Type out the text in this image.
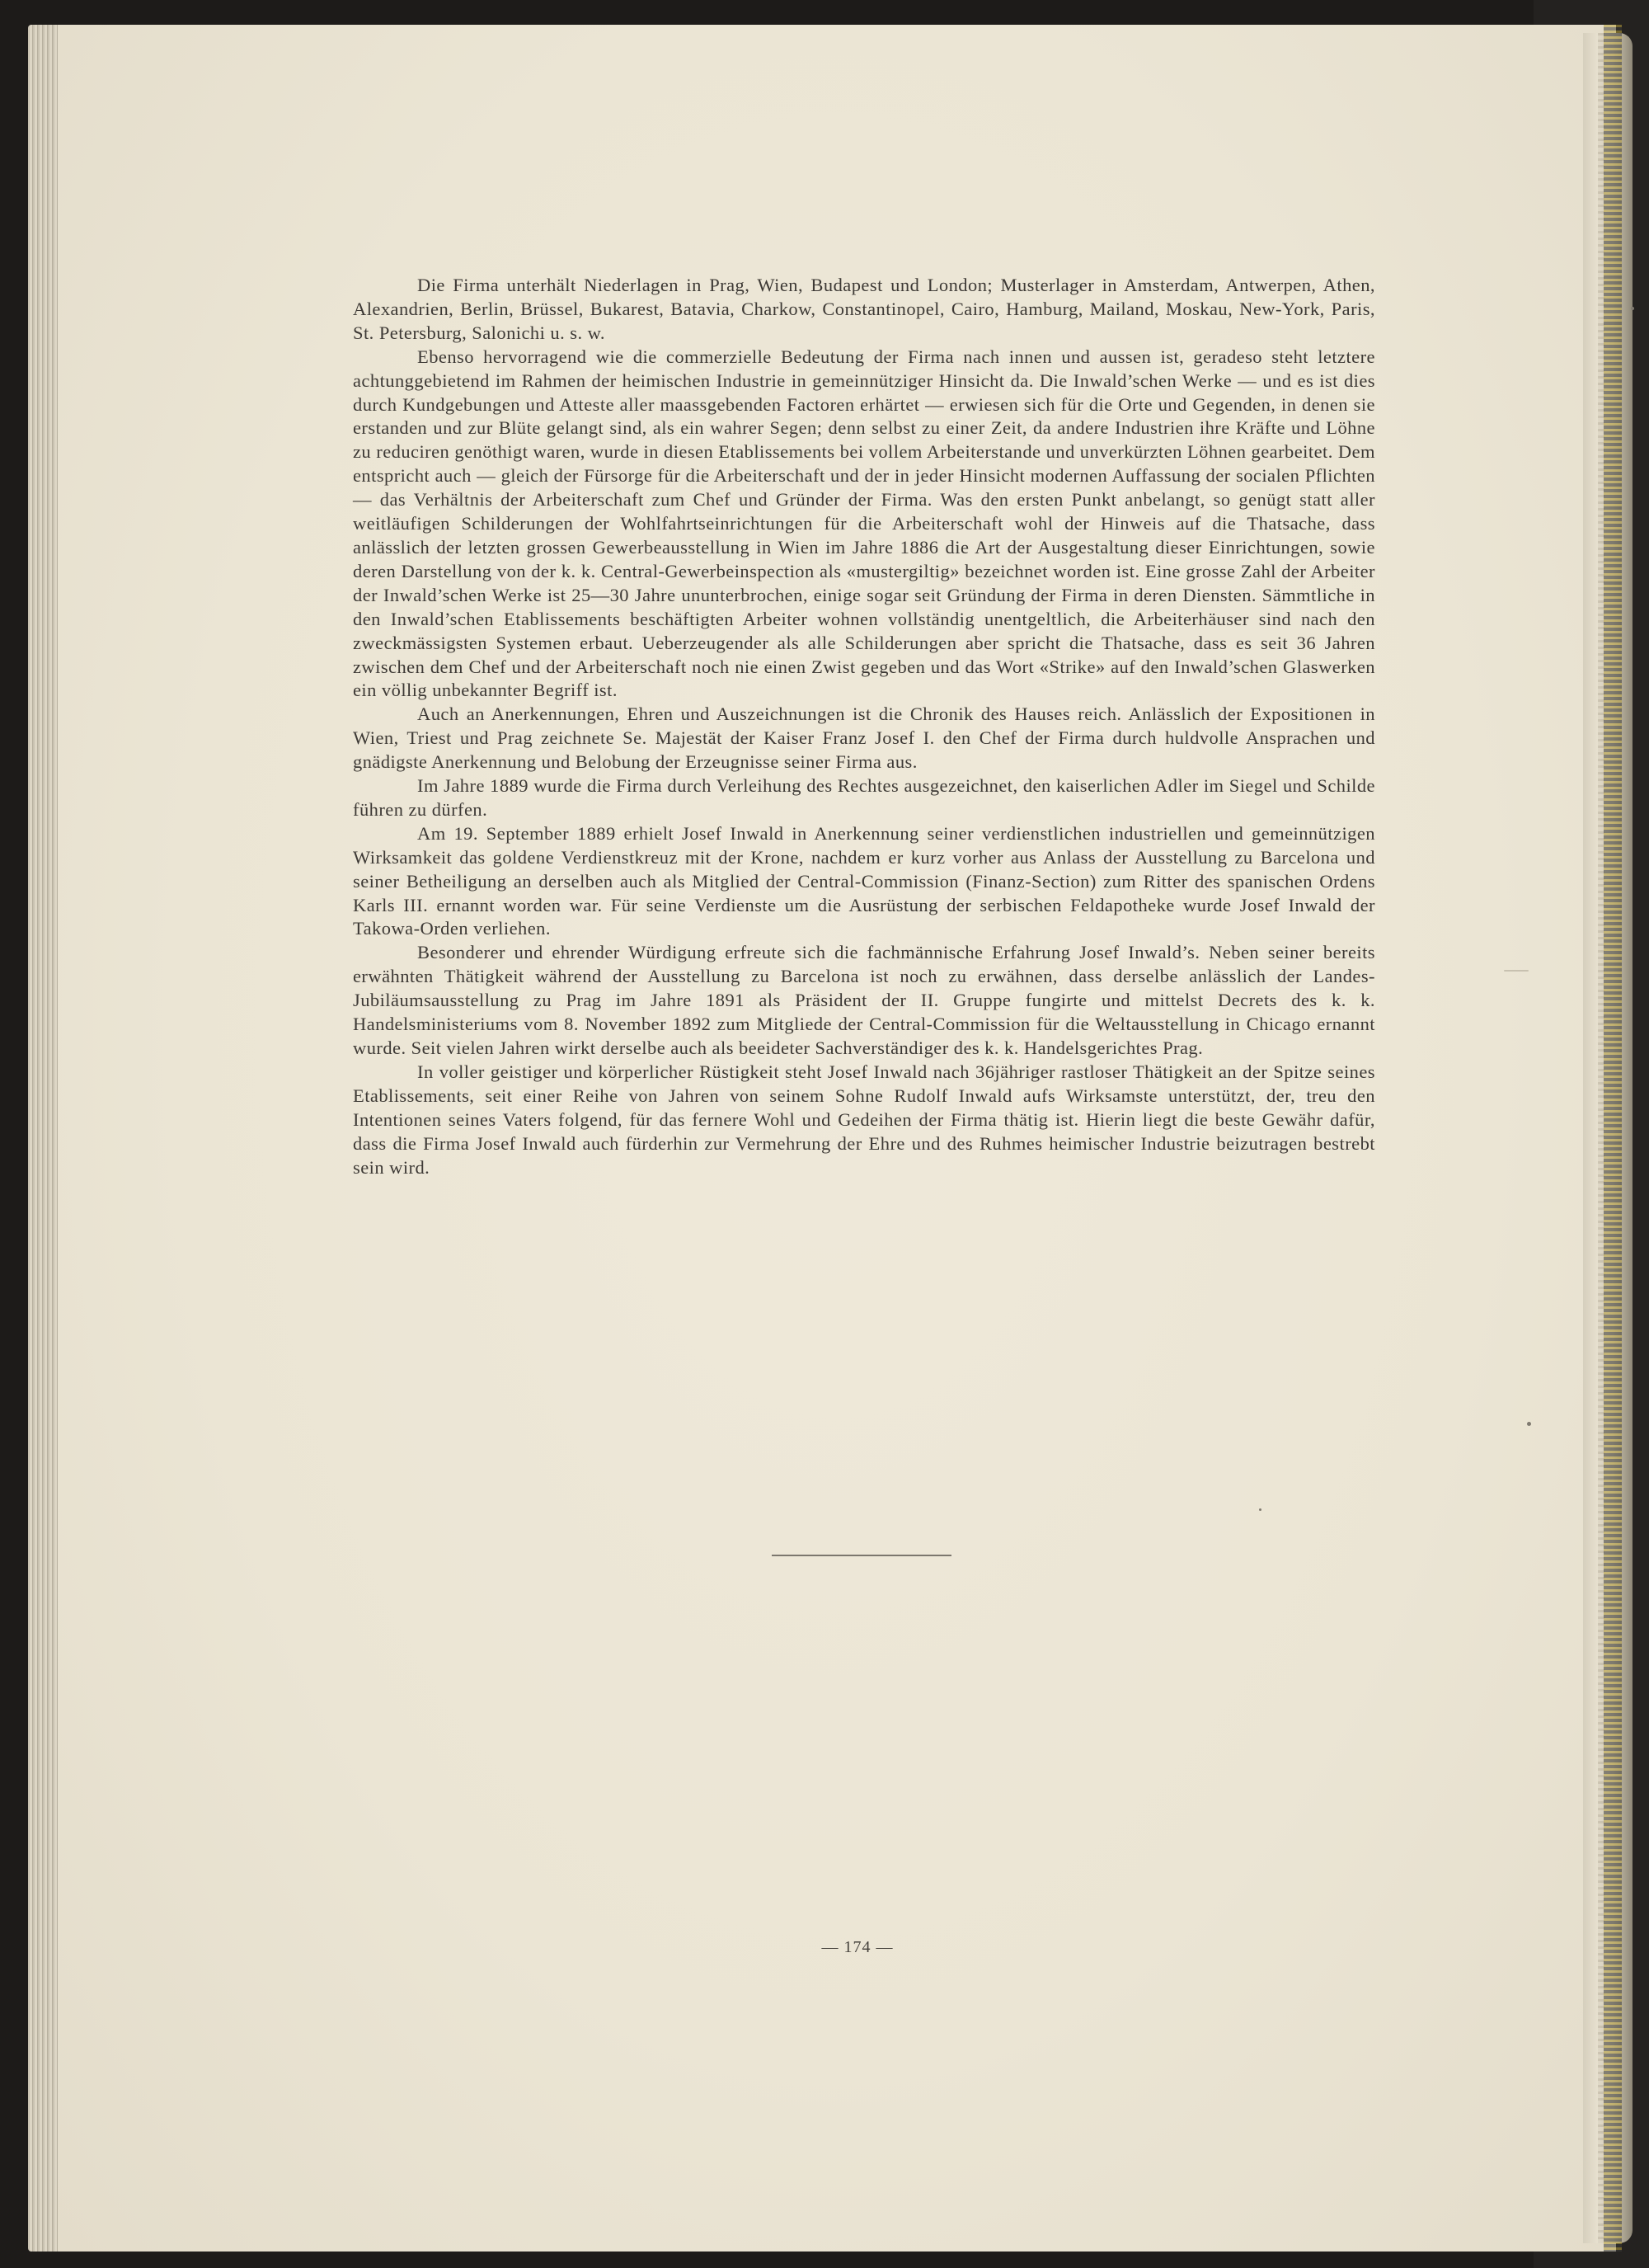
Die Firma unterhält Niederlagen in Prag, Wien, Budapest und London; Musterlager in Amsterdam, Antwerpen, Athen, Alexandrien, Berlin, Brüssel, Bukarest, Batavia, Charkow, Constantinopel, Cairo, Hamburg, Mailand, Moskau, New-York, Paris, St. Petersburg, Salonichi u. s. w.

Ebenso hervorragend wie die commerzielle Bedeutung der Firma nach innen und aussen ist, geradeso steht letztere achtunggebietend im Rahmen der heimischen Industrie in gemeinnütziger Hinsicht da. Die Inwald’schen Werke — und es ist dies durch Kundgebungen und Atteste aller maassgebenden Factoren erhärtet — erwiesen sich für die Orte und Gegenden, in denen sie erstanden und zur Blüte gelangt sind, als ein wahrer Segen; denn selbst zu einer Zeit, da andere Industrien ihre Kräfte und Löhne zu reduciren genöthigt waren, wurde in diesen Etablissements bei vollem Arbeiterstande und unverkürzten Löhnen gearbeitet. Dem entspricht auch — gleich der Fürsorge für die Arbeiterschaft und der in jeder Hinsicht modernen Auffassung der socialen Pflichten — das Verhältnis der Arbeiterschaft zum Chef und Gründer der Firma. Was den ersten Punkt anbelangt, so genügt statt aller weitläufigen Schilderungen der Wohlfahrtseinrichtungen für die Arbeiterschaft wohl der Hinweis auf die Thatsache, dass anlässlich der letzten grossen Gewerbeausstellung in Wien im Jahre 1886 die Art der Ausgestaltung dieser Einrichtungen, sowie deren Darstellung von der k. k. Central-Gewerbeinspection als «mustergiltig» bezeichnet worden ist. Eine grosse Zahl der Arbeiter der Inwald’schen Werke ist 25—30 Jahre ununterbrochen, einige sogar seit Gründung der Firma in deren Diensten. Sämmtliche in den Inwald’schen Etablissements beschäftigten Arbeiter wohnen vollständig unentgeltlich, die Arbeiterhäuser sind nach den zweckmässigsten Systemen erbaut. Ueberzeugender als alle Schilderungen aber spricht die Thatsache, dass es seit 36 Jahren zwischen dem Chef und der Arbeiterschaft noch nie einen Zwist gegeben und das Wort «Strike» auf den Inwald’schen Glaswerken ein völlig unbekannter Begriff ist.

Auch an Anerkennungen, Ehren und Auszeichnungen ist die Chronik des Hauses reich. Anlässlich der Expositionen in Wien, Triest und Prag zeichnete Se. Majestät der Kaiser Franz Josef I. den Chef der Firma durch huldvolle Ansprachen und gnädigste Anerkennung und Belobung der Erzeugnisse seiner Firma aus.

Im Jahre 1889 wurde die Firma durch Verleihung des Rechtes ausgezeichnet, den kaiserlichen Adler im Siegel und Schilde führen zu dürfen.

Am 19. September 1889 erhielt Josef Inwald in Anerkennung seiner verdienstlichen industriellen und gemeinnützigen Wirksamkeit das goldene Verdienstkreuz mit der Krone, nachdem er kurz vorher aus Anlass der Ausstellung zu Barcelona und seiner Betheiligung an derselben auch als Mitglied der Central-Commission (Finanz-Section) zum Ritter des spanischen Ordens Karls III. ernannt worden war. Für seine Verdienste um die Ausrüstung der serbischen Feldapotheke wurde Josef Inwald der Takowa-Orden verliehen.

Besonderer und ehrender Würdigung erfreute sich die fachmännische Erfahrung Josef Inwald’s. Neben seiner bereits erwähnten Thätigkeit während der Ausstellung zu Barcelona ist noch zu erwähnen, dass derselbe anlässlich der Landes-Jubiläumsausstellung zu Prag im Jahre 1891 als Präsident der II. Gruppe fungirte und mittelst Decrets des k. k. Handelsministeriums vom 8. November 1892 zum Mitgliede der Central-Commission für die Weltausstellung in Chicago ernannt wurde. Seit vielen Jahren wirkt derselbe auch als beeideter Sachverständiger des k. k. Handelsgerichtes Prag.

In voller geistiger und körperlicher Rüstigkeit steht Josef Inwald nach 36jähriger rastloser Thätigkeit an der Spitze seines Etablissements, seit einer Reihe von Jahren von seinem Sohne Rudolf Inwald aufs Wirksamste unterstützt, der, treu den Intentionen seines Vaters folgend, für das fernere Wohl und Gedeihen der Firma thätig ist. Hierin liegt die beste Gewähr dafür, dass die Firma Josef Inwald auch fürderhin zur Vermehrung der Ehre und des Ruhmes heimischer Industrie beizutragen bestrebt sein wird.

— 174 —
